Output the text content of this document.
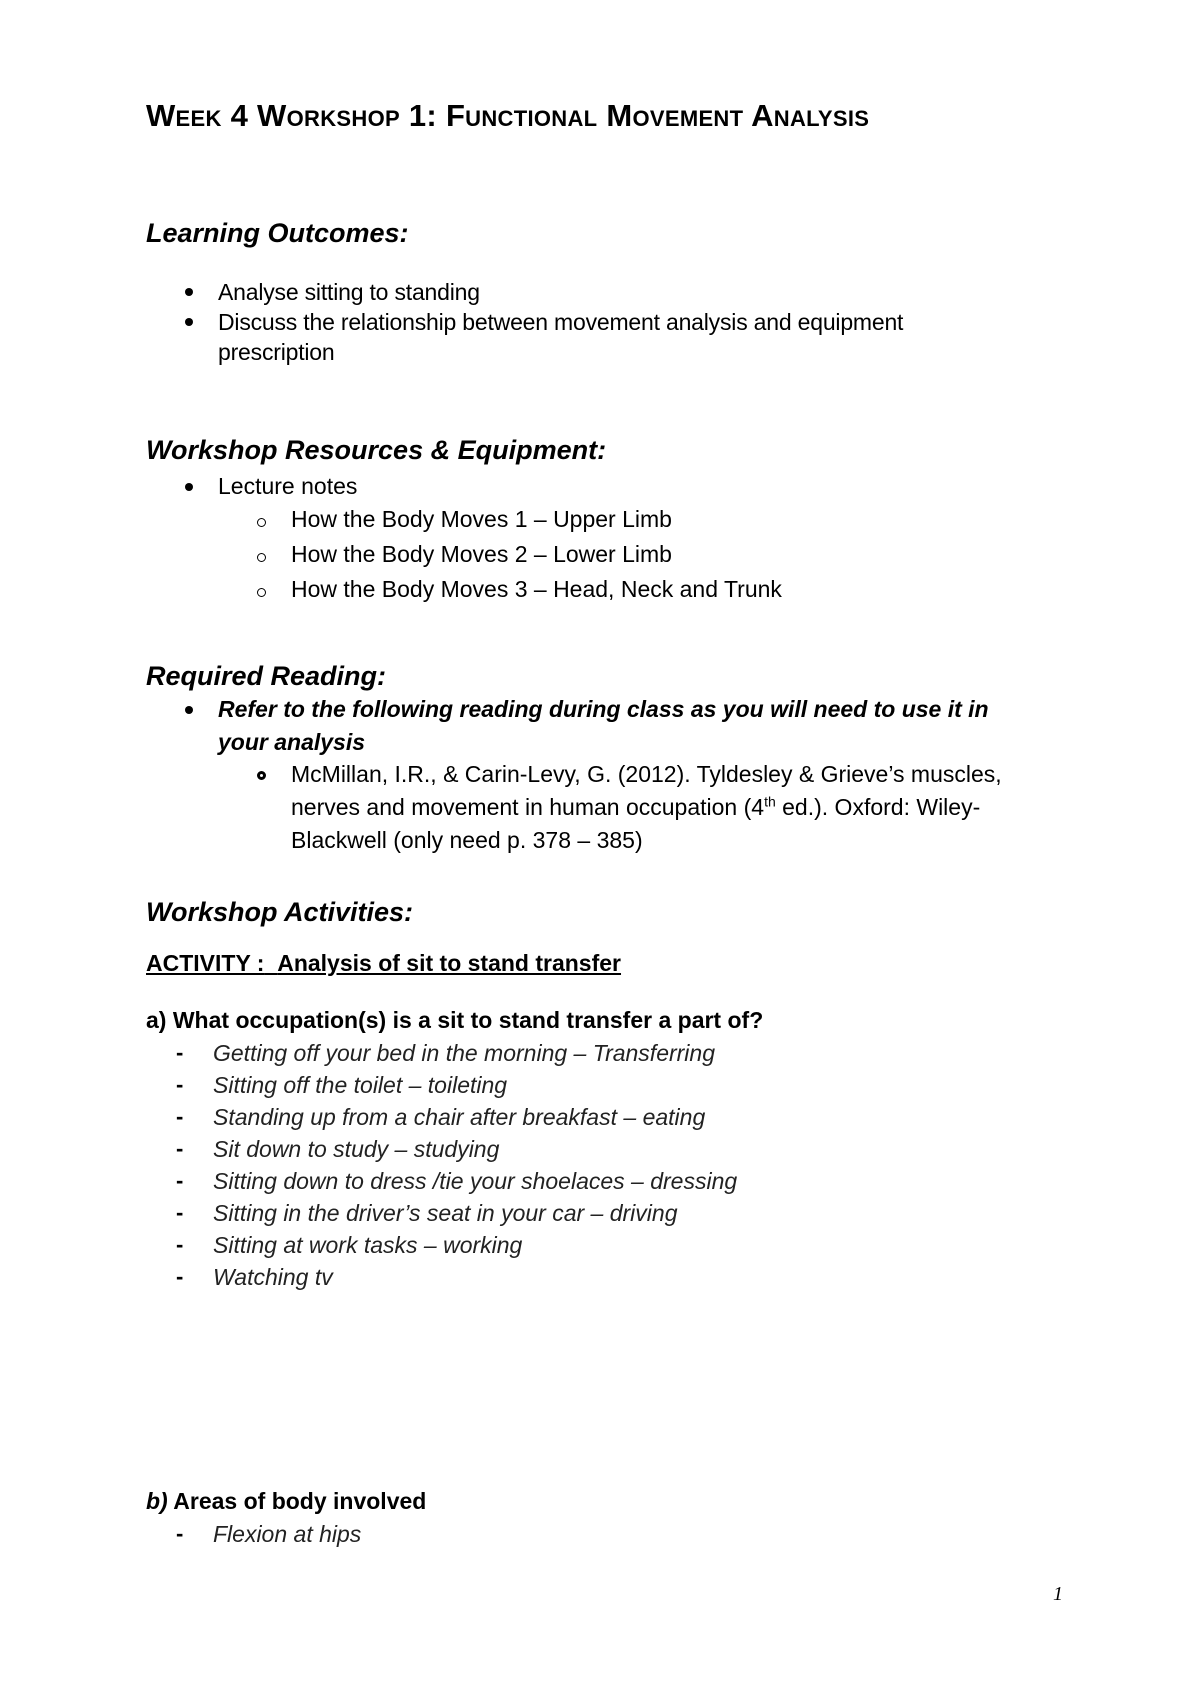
Week 4 Workshop 1: Functional Movement Analysis
Learning Outcomes:
Analyse sitting to standing
Discuss the relationship between movement analysis and equipment
prescription
Workshop Resources & Equipment:
Lecture notes
How the Body Moves 1 – Upper Limb
How the Body Moves 2 – Lower Limb
How the Body Moves 3 – Head, Neck and Trunk
Required Reading:
Refer to the following reading during class as you will need to use it in
your analysis
McMillan, I.R., & Carin-Levy, G. (2012). Tyldesley & Grieve’s muscles,
nerves and movement in human occupation (4th ed.). Oxford: Wiley-
Blackwell (only need p. 378 – 385)
Workshop Activities:
ACTIVITY : Analysis of sit to stand transfer
a) What occupation(s) is a sit to stand transfer a part of?
- Getting off your bed in the morning – Transferring
- Sitting off the toilet – toileting
- Standing up from a chair after breakfast – eating
- Sit down to study – studying
- Sitting down to dress /tie your shoelaces – dressing
- Sitting in the driver’s seat in your car – driving
- Sitting at work tasks – working
- Watching tv
b) Areas of body involved
- Flexion at hips
1
